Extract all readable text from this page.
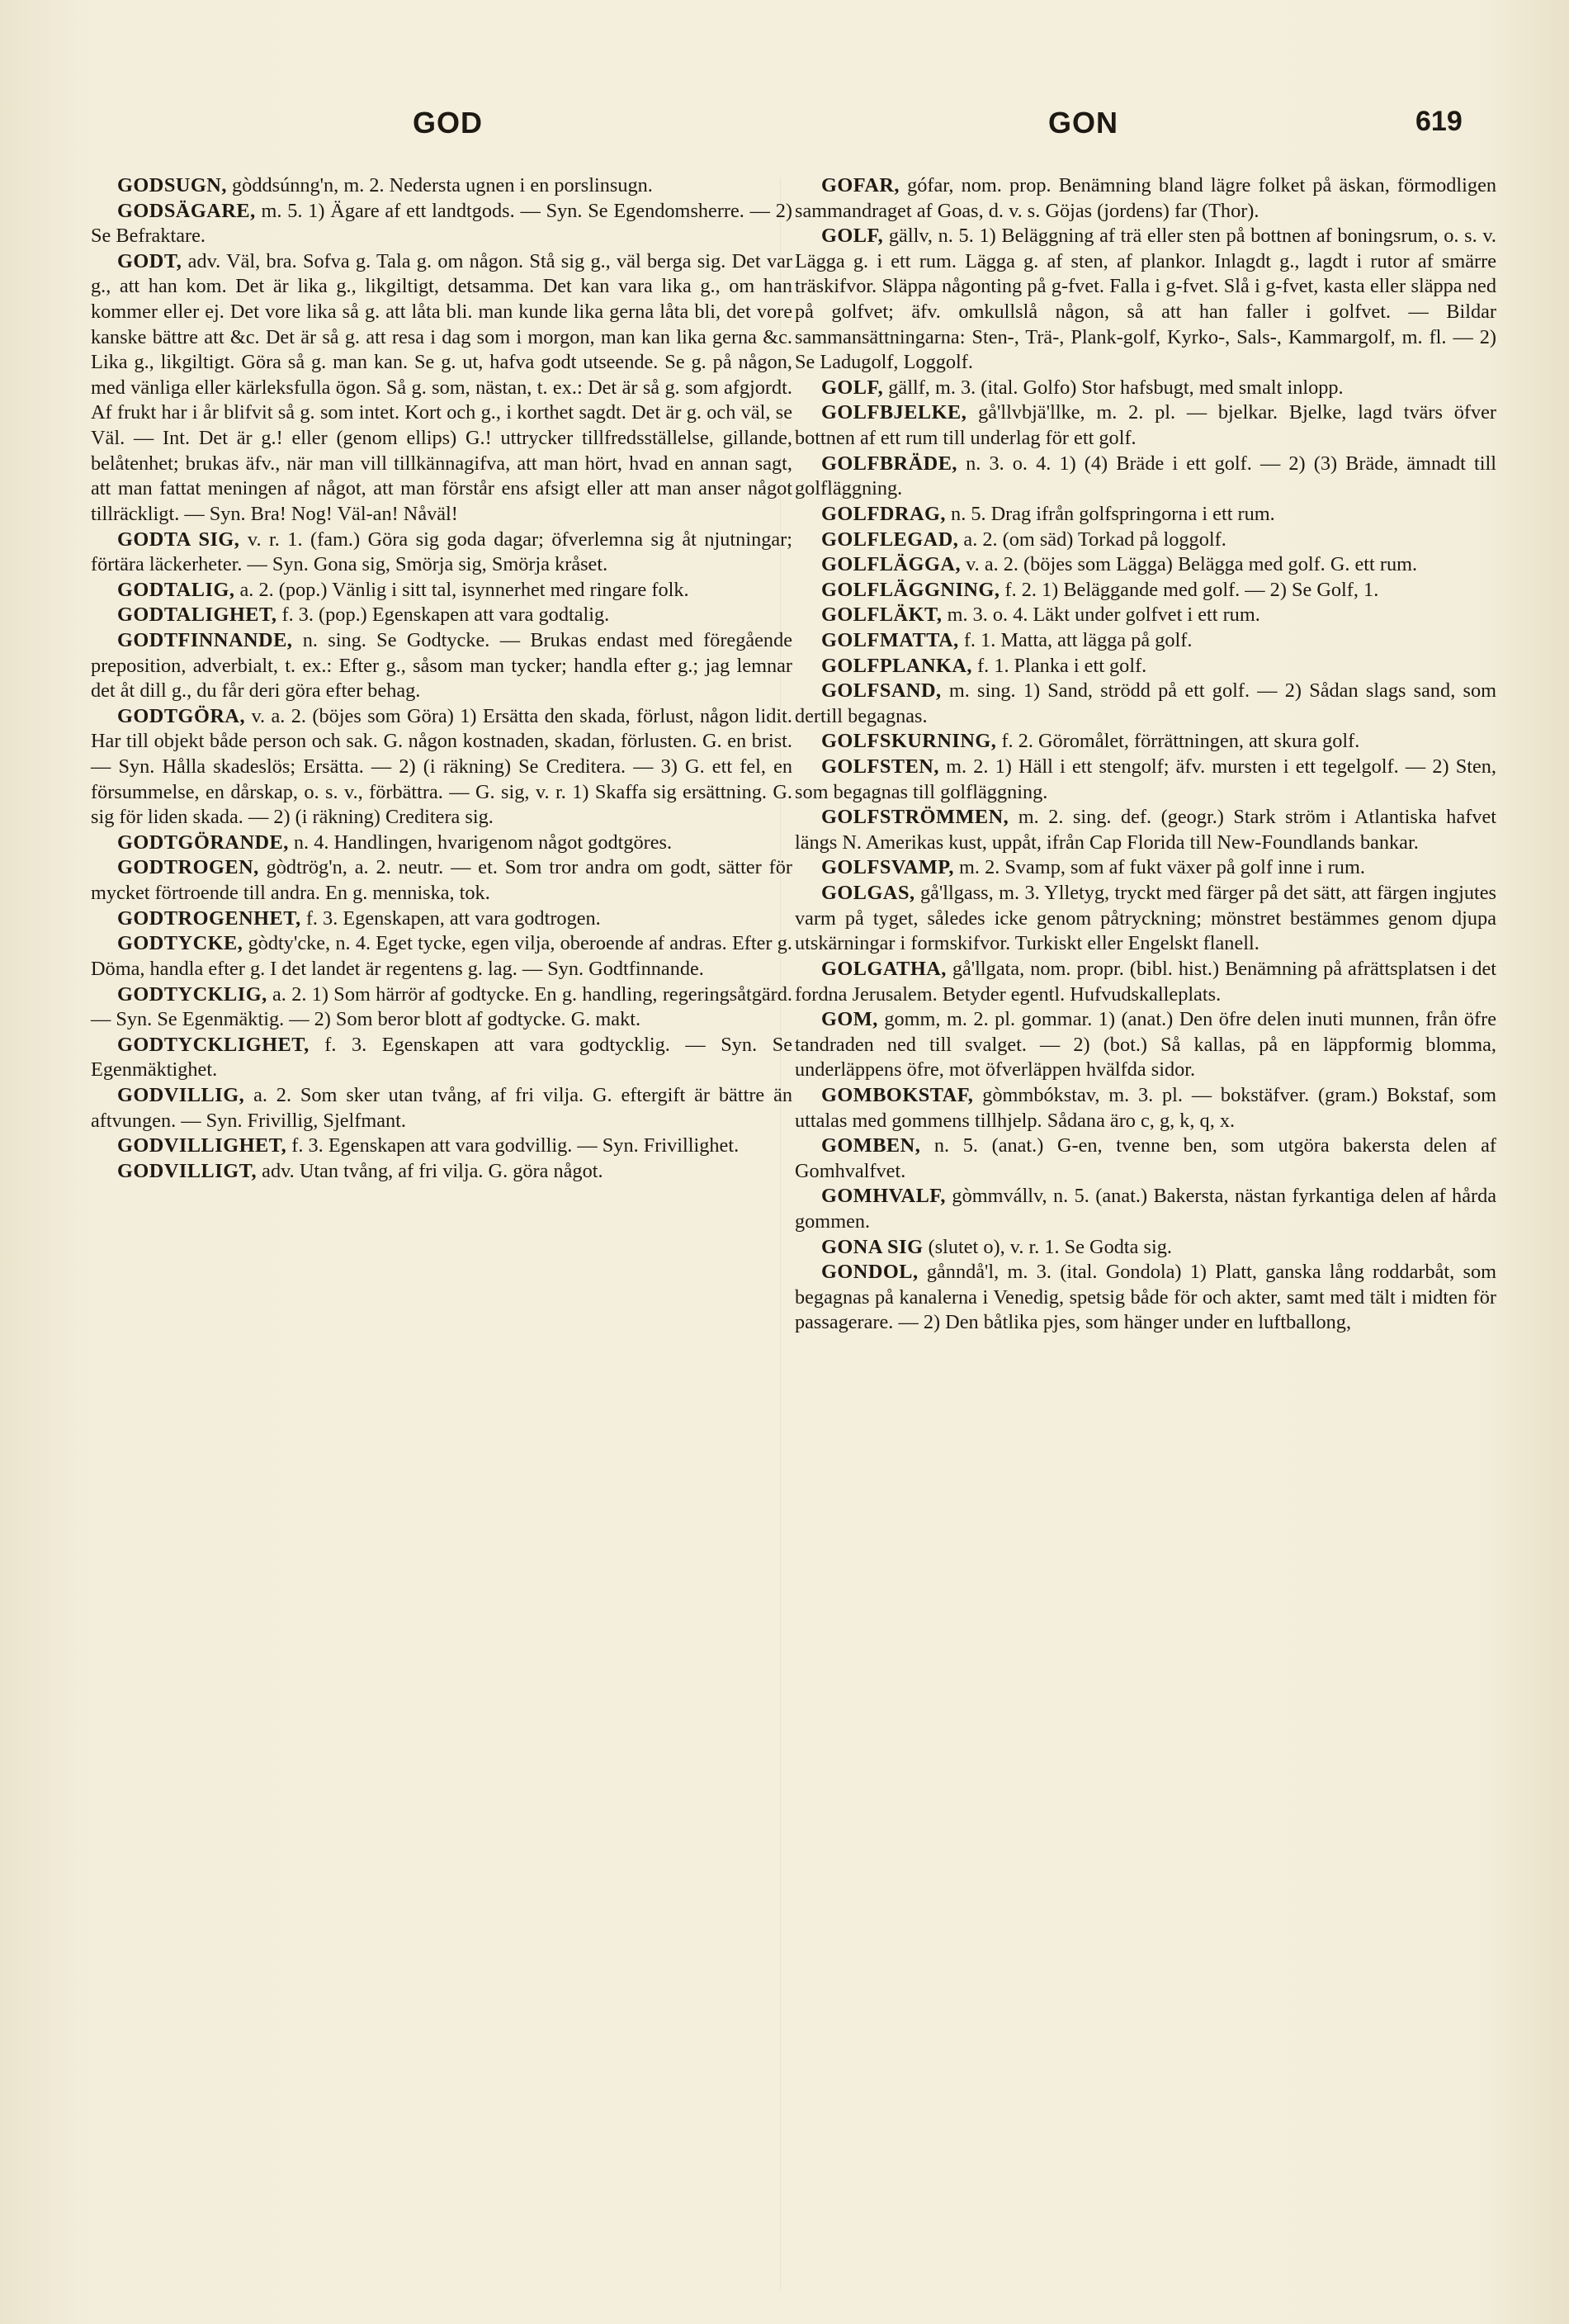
GOD	GON	619

GODSUGN, gòddsúnng'n, m. 2. Nedersta ugnen i en porslinsugn.

GODSÄGARE, m. 5. 1) Ägare af ett landtgods. — Syn. Se Egendomsherre. — 2) Se Befraktare.

GODT, adv. Väl, bra. Sofva g. Tala g. om någon. Stå sig g., väl berga sig. Det var g., att han kom. Det är lika g., likgiltigt, detsamma. Det kan vara lika g., om han kommer eller ej. Det vore lika så g. att låta bli. man kunde lika gerna låta bli, det vore kanske bättre att &c. Det är så g. att resa i dag som i morgon, man kan lika gerna &c. Lika g., likgiltigt. Göra så g. man kan. Se g. ut, hafva godt utseende. Se g. på någon, med vänliga eller kärleksfulla ögon. Så g. som, nästan, t. ex.: Det är så g. som afgjordt. Af frukt har i år blifvit så g. som intet. Kort och g., i korthet sagdt. Det är g. och väl, se Väl. — Int. Det är g.! eller (genom ellips) G.! uttrycker tillfredsställelse, gillande, belåtenhet; brukas äfv., när man vill tillkännagifva, att man hört, hvad en annan sagt, att man fattat meningen af något, att man förstår ens afsigt eller att man anser något tillräckligt. — Syn. Bra! Nog! Väl-an! Nåväl!

GODTA SIG, v. r. 1. (fam.) Göra sig goda dagar; öfverlemna sig åt njutningar; förtära läckerheter. — Syn. Gona sig, Smörja sig, Smörja kråset.

GODTALIG, a. 2. (pop.) Vänlig i sitt tal, isynnerhet med ringare folk.

GODTALIGHET, f. 3. (pop.) Egenskapen att vara godtalig.

GODTFINNANDE, n. sing. Se Godtycke. — Brukas endast med föregående preposition, adverbialt, t. ex.: Efter g., såsom man tycker; handla efter g.; jag lemnar det åt dill g., du får deri göra efter behag.

GODTGÖRA, v. a. 2. (böjes som Göra) 1) Ersätta den skada, förlust, någon lidit. Har till objekt både person och sak. G. någon kostnaden, skadan, förlusten. G. en brist. — Syn. Hålla skadeslös; Ersätta. — 2) (i räkning) Se Creditera. — 3) G. ett fel, en försummelse, en dårskap, o. s. v., förbättra. — G. sig, v. r. 1) Skaffa sig ersättning. G. sig för liden skada. — 2) (i räkning) Creditera sig.

GODTGÖRANDE, n. 4. Handlingen, hvarigenom något godtgöres.

GODTROGEN, gòdtrög'n, a. 2. neutr. — et. Som tror andra om godt, sätter för mycket förtroende till andra. En g. menniska, tok.

GODTROGENHET, f. 3. Egenskapen, att vara godtrogen.

GODTYCKE, gòdty'cke, n. 4. Eget tycke, egen vilja, oberoende af andras. Efter g. Döma, handla efter g. I det landet är regentens g. lag. — Syn. Godtfinnande.

GODTYCKLIG, a. 2. 1) Som härrör af godtycke. En g. handling, regeringsåtgärd. — Syn. Se Egenmäktig. — 2) Som beror blott af godtycke. G. makt.

GODTYCKLIGHET, f. 3. Egenskapen att vara godtycklig. — Syn. Se Egenmäktighet.

GODVILLIG, a. 2. Som sker utan tvång, af fri vilja. G. eftergift är bättre än aftvungen. — Syn. Frivillig, Sjelfmant.

GODVILLIGHET, f. 3. Egenskapen att vara godvillig. — Syn. Frivillighet.

GODVILLIGT, adv. Utan tvång, af fri vilja. G. göra något.

GOFAR, gófar, nom. prop. Benämning bland lägre folket på äskan, förmodligen sammandraget af Goas, d. v. s. Göjas (jordens) far (Thor).

GOLF, gällv, n. 5. 1) Beläggning af trä eller sten på bottnen af boningsrum, o. s. v. Lägga g. i ett rum. Lägga g. af sten, af plankor. Inlagdt g., lagdt i rutor af smärre träskifvor. Släppa någonting på g-fvet. Falla i g-fvet. Slå i g-fvet, kasta eller släppa ned på golfvet; äfv. omkullslå någon, så att han faller i golfvet. — Bildar sammansättningarna: Sten-, Trä-, Plank-golf, Kyrko-, Sals-, Kammargolf, m. fl. — 2) Se Ladugolf, Loggolf.

GOLF, gällf, m. 3. (ital. Golfo) Stor hafsbugt, med smalt inlopp.

GOLFBJELKE, gå'llvbjä'llke, m. 2. pl. — bjelkar. Bjelke, lagd tvärs öfver bottnen af ett rum till underlag för ett golf.

GOLFBRÄDE, n. 3. o. 4. 1) (4) Bräde i ett golf. — 2) (3) Bräde, ämnadt till golfläggning.

GOLFDRAG, n. 5. Drag ifrån golfspringorna i ett rum.

GOLFLEGAD, a. 2. (om säd) Torkad på loggolf.

GOLFLÄGGA, v. a. 2. (böjes som Lägga) Belägga med golf. G. ett rum.

GOLFLÄGGNING, f. 2. 1) Beläggande med golf. — 2) Se Golf, 1.

GOLFLÄKT, m. 3. o. 4. Läkt under golfvet i ett rum.

GOLFMATTA, f. 1. Matta, att lägga på golf.

GOLFPLANKA, f. 1. Planka i ett golf.

GOLFSAND, m. sing. 1) Sand, strödd på ett golf. — 2) Sådan slags sand, som dertill begagnas.

GOLFSKURNING, f. 2. Göromålet, förrättningen, att skura golf.

GOLFSTEN, m. 2. 1) Häll i ett stengolf; äfv. mursten i ett tegelgolf. — 2) Sten, som begagnas till golfläggning.

GOLFSTRÖMMEN, m. 2. sing. def. (geogr.) Stark ström i Atlantiska hafvet längs N. Amerikas kust, uppåt, ifrån Cap Florida till New-Foundlands bankar.

GOLFSVAMP, m. 2. Svamp, som af fukt växer på golf inne i rum.

GOLGAS, gå'llgass, m. 3. Ylletyg, tryckt med färger på det sätt, att färgen ingjutes varm på tyget, således icke genom påtryckning; mönstret bestämmes genom djupa utskärningar i formskifvor. Turkiskt eller Engelskt flanell.

GOLGATHA, gå'llgata, nom. propr. (bibl. hist.) Benämning på afrättsplatsen i det fordna Jerusalem. Betyder egentl. Hufvudskalleplats.

GOM, gomm, m. 2. pl. gommar. 1) (anat.) Den öfre delen inuti munnen, från öfre tandraden ned till svalget. — 2) (bot.) Så kallas, på en läppformig blomma, underläppens öfre, mot öfverläppen hvälfda sidor.

GOMBOKSTAF, gòmmbókstav, m. 3. pl. — bokstäfver. (gram.) Bokstaf, som uttalas med gommens tillhjelp. Sådana äro c, g, k, q, x.

GOMBEN, n. 5. (anat.) G-en, tvenne ben, som utgöra bakersta delen af Gomhvalfvet.

GOMHVALF, gòmmvállv, n. 5. (anat.) Bakersta, nästan fyrkantiga delen af hårda gommen.

GONA SIG (slutet o), v. r. 1. Se Godta sig.

GONDOL, gånndå'l, m. 3. (ital. Gondola) 1) Platt, ganska lång roddarbåt, som begagnas på kanalerna i Venedig, spetsig både för och akter, samt med tält i midten för passagerare. — 2) Den båtlika pjes, som hänger under en luftballong,
